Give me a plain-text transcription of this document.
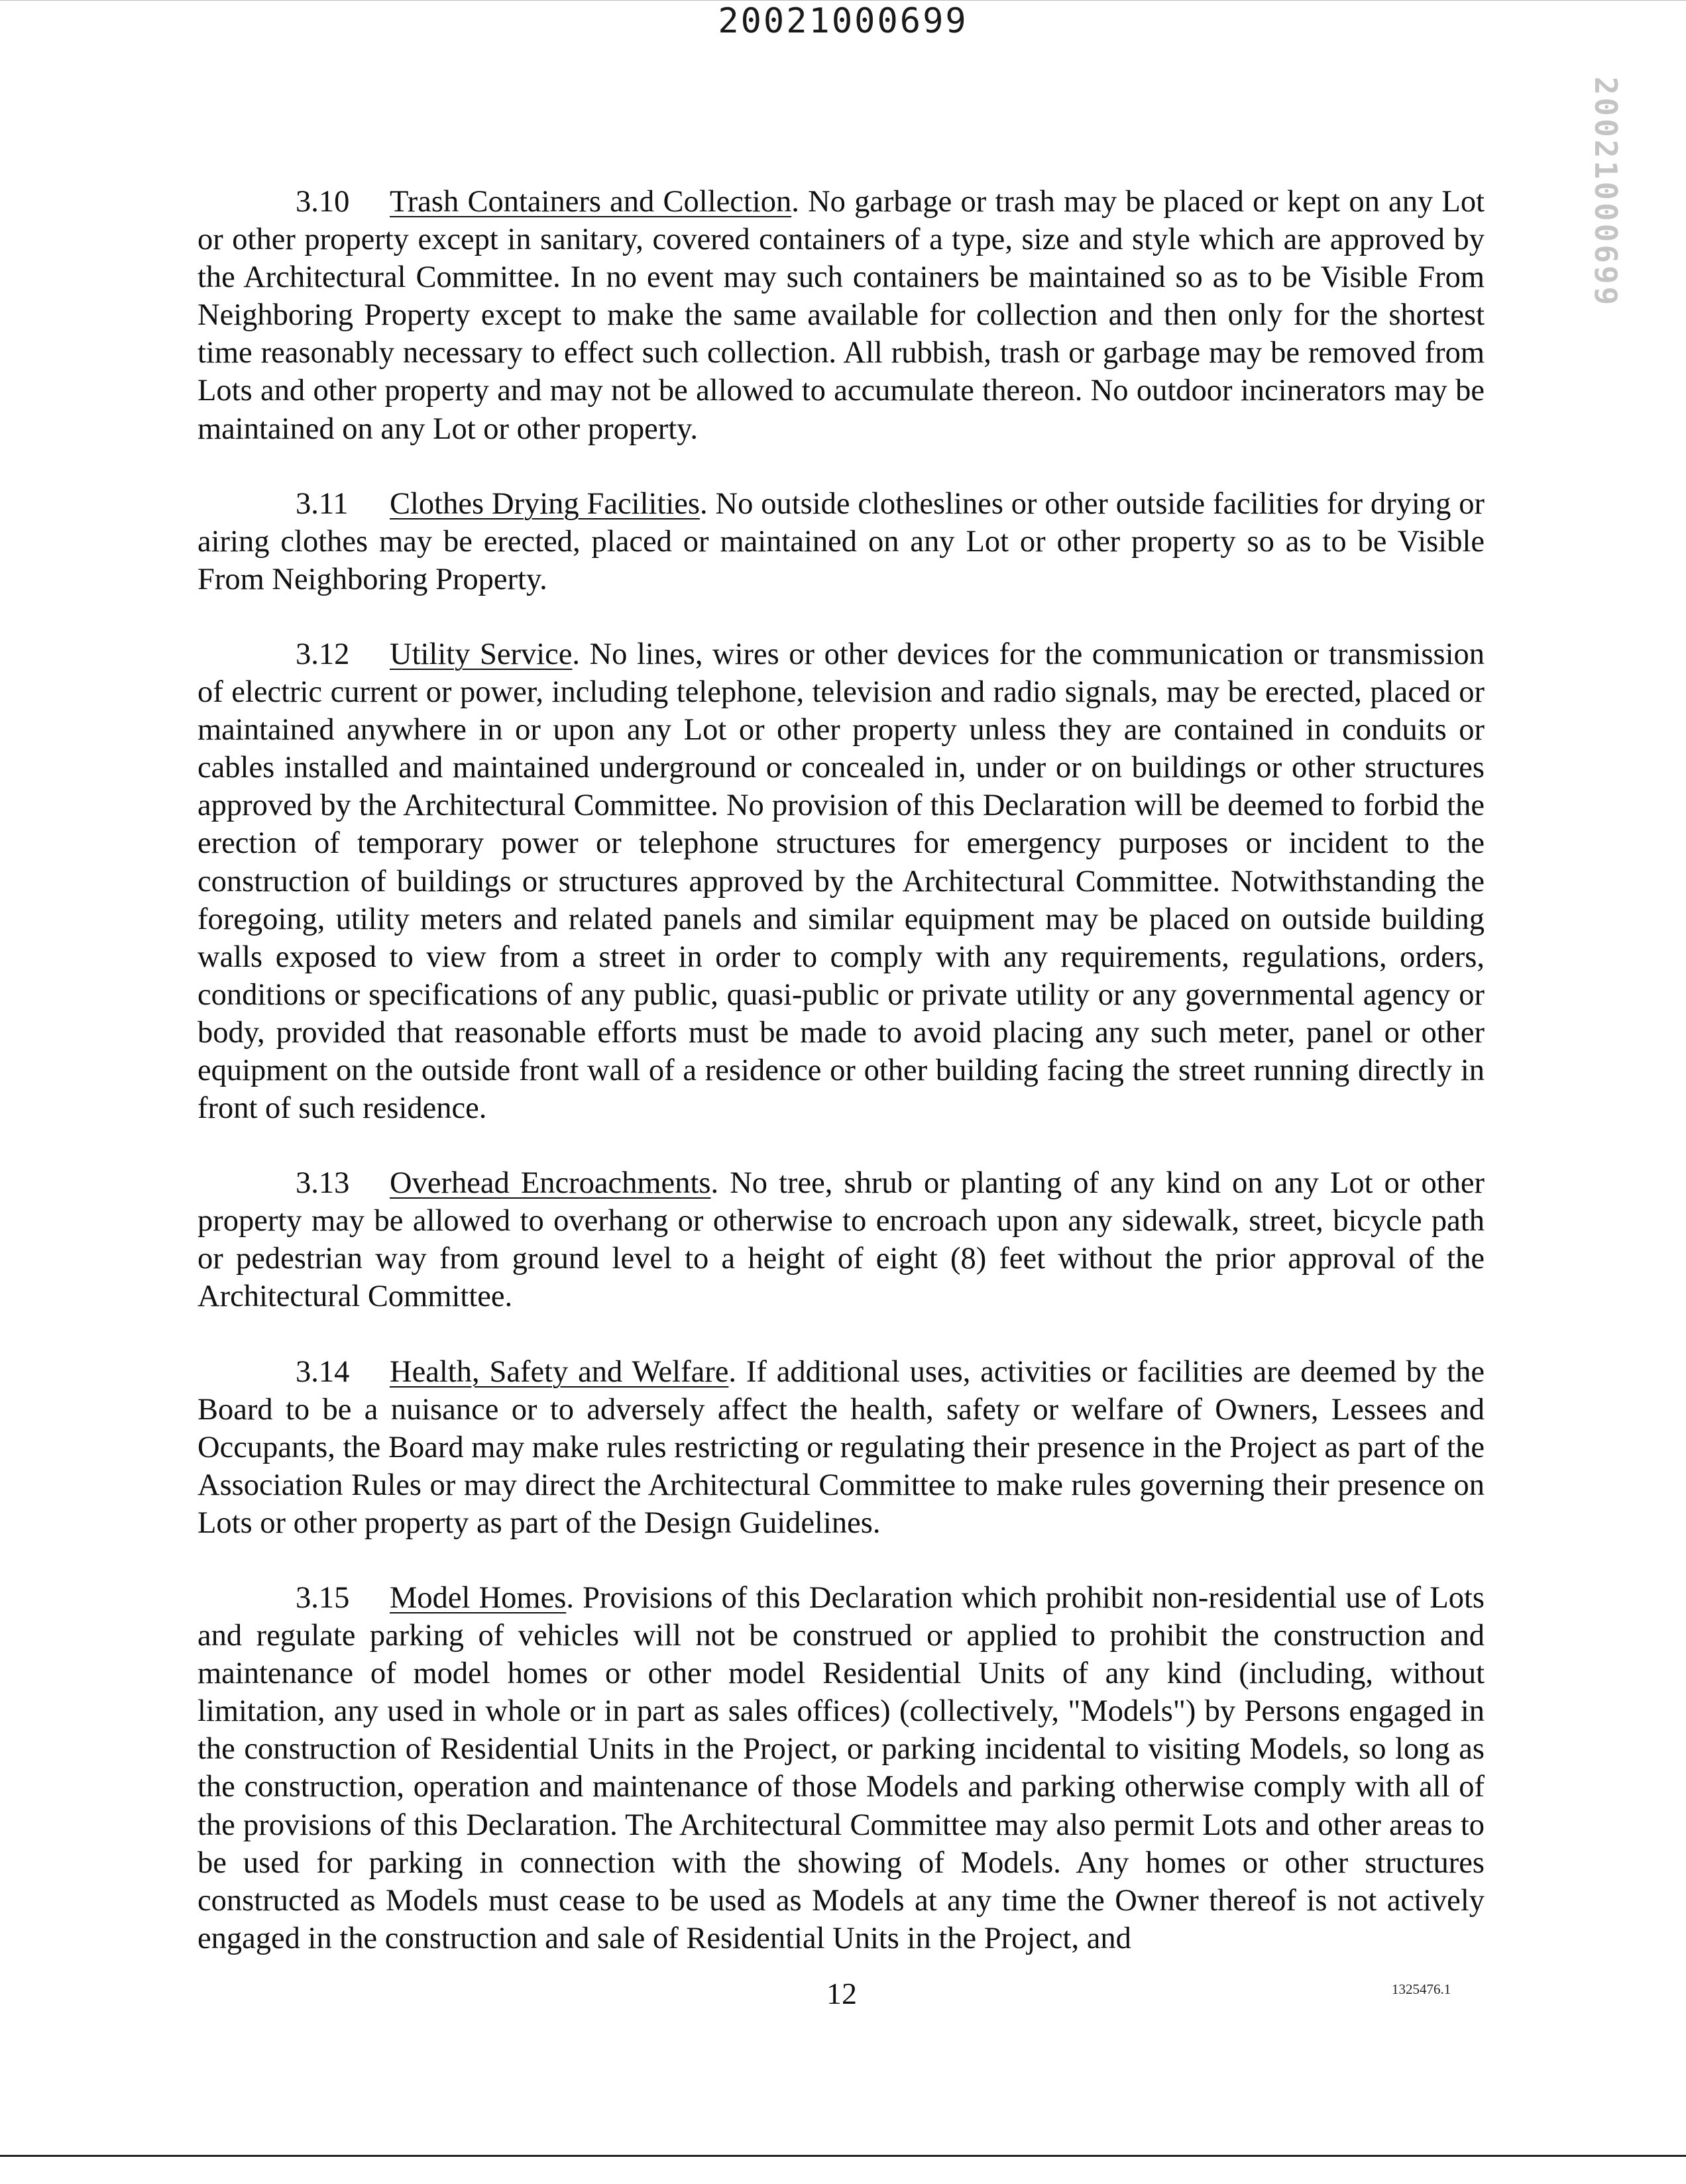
20021000699
20021000699

3.10 Trash Containers and Collection. No garbage or trash may be placed or kept on any Lot or other property except in sanitary, covered containers of a type, size and style which are approved by the Architectural Committee. In no event may such containers be maintained so as to be Visible From Neighboring Property except to make the same available for collection and then only for the shortest time reasonably necessary to effect such collection. All rubbish, trash or garbage may be removed from Lots and other property and may not be allowed to accumulate thereon. No outdoor incinerators may be maintained on any Lot or other property.

3.11 Clothes Drying Facilities. No outside clotheslines or other outside facilities for drying or airing clothes may be erected, placed or maintained on any Lot or other property so as to be Visible From Neighboring Property.

3.12 Utility Service. No lines, wires or other devices for the communication or transmission of electric current or power, including telephone, television and radio signals, may be erected, placed or maintained anywhere in or upon any Lot or other property unless they are contained in conduits or cables installed and maintained underground or concealed in, under or on buildings or other structures approved by the Architectural Committee. No provision of this Declaration will be deemed to forbid the erection of temporary power or telephone structures for emergency purposes or incident to the construction of buildings or structures approved by the Architectural Committee. Notwithstanding the foregoing, utility meters and related panels and similar equipment may be placed on outside building walls exposed to view from a street in order to comply with any requirements, regulations, orders, conditions or specifications of any public, quasi-public or private utility or any governmental agency or body, provided that reasonable efforts must be made to avoid placing any such meter, panel or other equipment on the outside front wall of a residence or other building facing the street running directly in front of such residence.

3.13 Overhead Encroachments. No tree, shrub or planting of any kind on any Lot or other property may be allowed to overhang or otherwise to encroach upon any sidewalk, street, bicycle path or pedestrian way from ground level to a height of eight (8) feet without the prior approval of the Architectural Committee.

3.14 Health, Safety and Welfare. If additional uses, activities or facilities are deemed by the Board to be a nuisance or to adversely affect the health, safety or welfare of Owners, Lessees and Occupants, the Board may make rules restricting or regulating their presence in the Project as part of the Association Rules or may direct the Architectural Committee to make rules governing their presence on Lots or other property as part of the Design Guidelines.

3.15 Model Homes. Provisions of this Declaration which prohibit non-residential use of Lots and regulate parking of vehicles will not be construed or applied to prohibit the construction and maintenance of model homes or other model Residential Units of any kind (including, without limitation, any used in whole or in part as sales offices) (collectively, "Models") by Persons engaged in the construction of Residential Units in the Project, or parking incidental to visiting Models, so long as the construction, operation and maintenance of those Models and parking otherwise comply with all of the provisions of this Declaration. The Architectural Committee may also permit Lots and other areas to be used for parking in connection with the showing of Models. Any homes or other structures constructed as Models must cease to be used as Models at any time the Owner thereof is not actively engaged in the construction and sale of Residential Units in the Project, and

12	1325476.1
